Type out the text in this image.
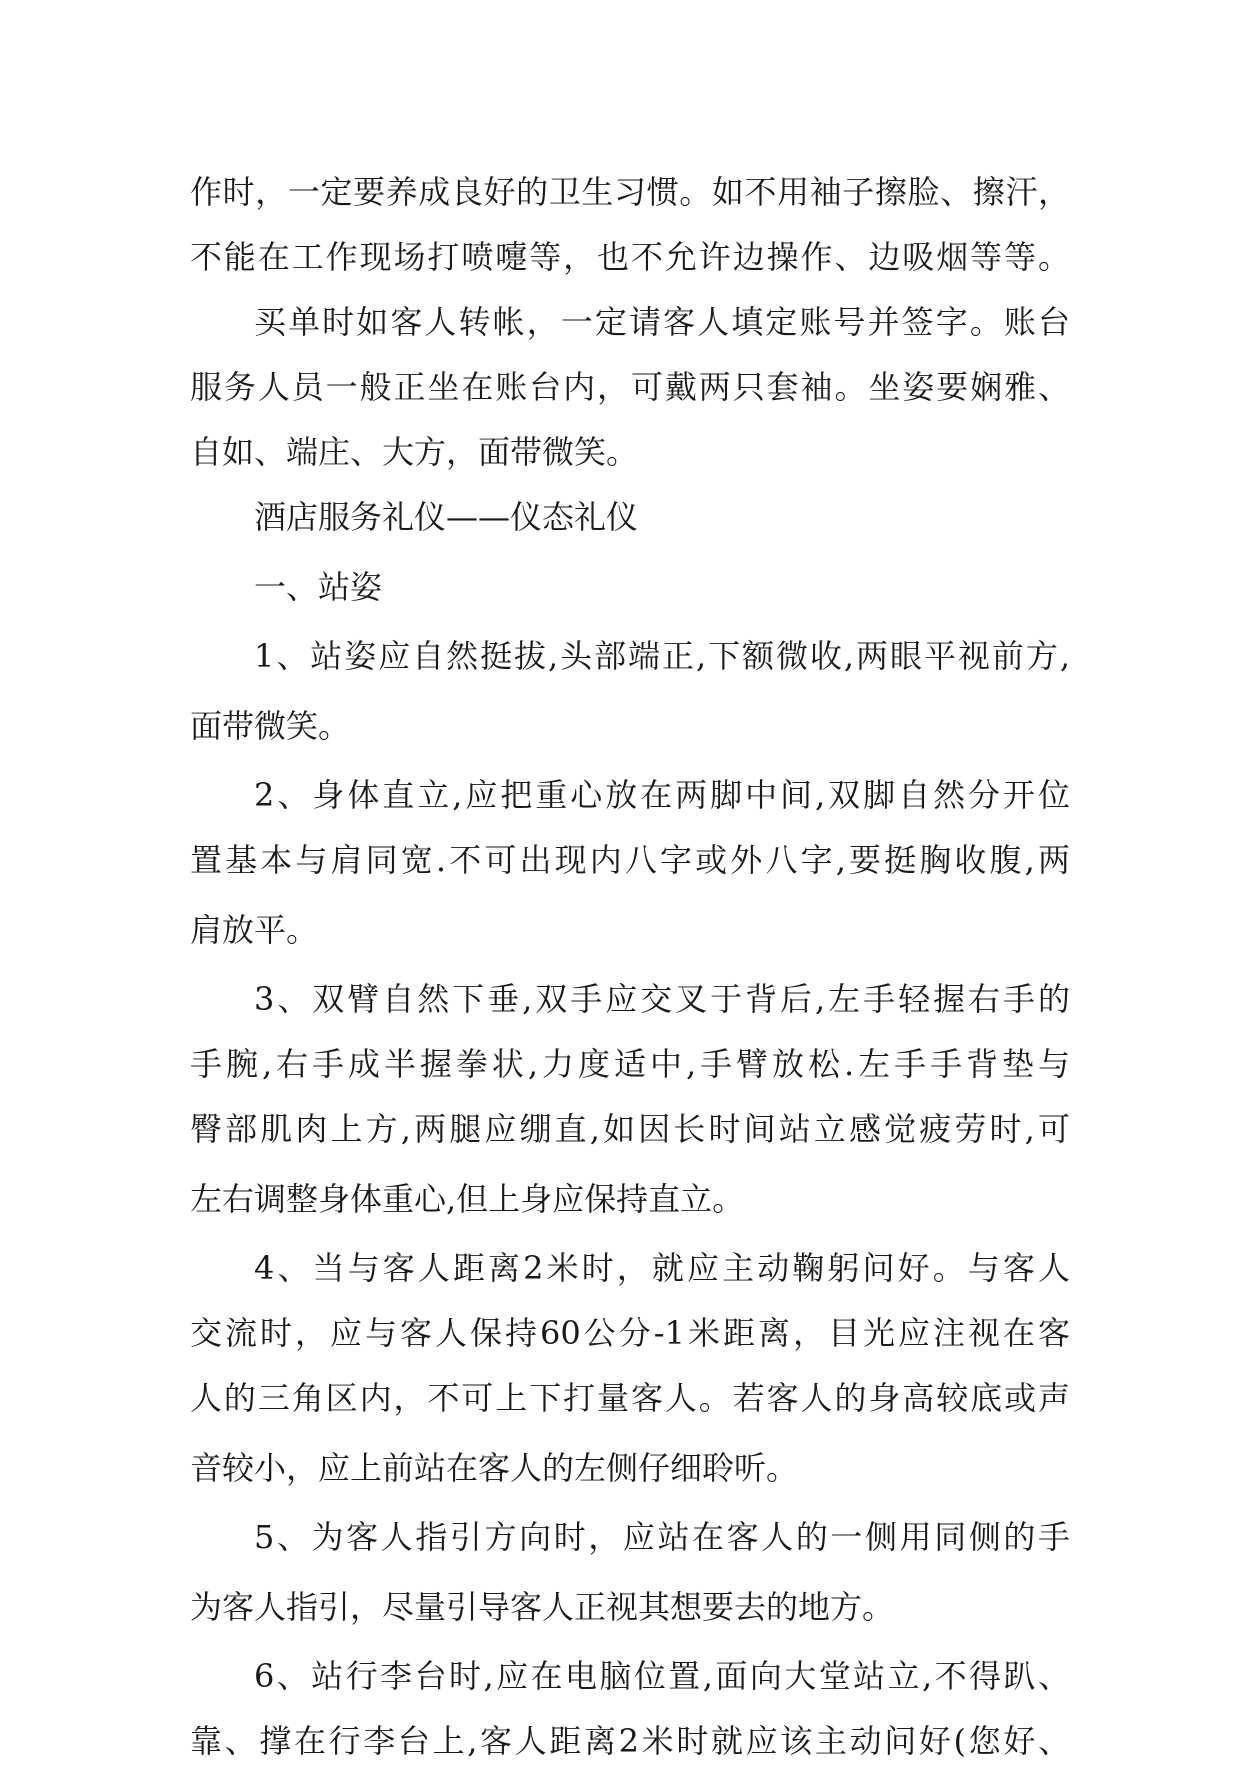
作时，一定要养成良好的卫生习惯。如不用袖子擦脸、擦汗，
不能在工作现场打喷嚏等，也不允许边操作、边吸烟等等。
买单时如客人转帐，一定请客人填定账号并签字。账台
服务人员一般正坐在账台内，可戴两只套袖。坐姿要娴雅、
自如、端庄、大方，面带微笑。
酒店服务礼仪——仪态礼仪
一、站姿
1、站姿应自然挺拔,头部端正,下额微收,两眼平视前方,
面带微笑。
2、身体直立,应把重心放在两脚中间,双脚自然分开位
置基本与肩同宽.不可出现内八字或外八字,要挺胸收腹,两
肩放平。
3、双臂自然下垂,双手应交叉于背后,左手轻握右手的
手腕,右手成半握拳状,力度适中,手臂放松.左手手背垫与
臀部肌肉上方,两腿应绷直,如因长时间站立感觉疲劳时,可
左右调整身体重心,但上身应保持直立。
4、当与客人距离2米时，就应主动鞠躬问好。与客人
交流时，应与客人保持60公分-1米距离，目光应注视在客
人的三角区内，不可上下打量客人。若客人的身高较底或声
音较小，应上前站在客人的左侧仔细聆听。
5、为客人指引方向时，应站在客人的一侧用同侧的手
为客人指引，尽量引导客人正视其想要去的地方。
6、站行李台时,应在电脑位置,面向大堂站立,不得趴、
靠、撑在行李台上,客人距离2米时就应该主动问好(您好、
